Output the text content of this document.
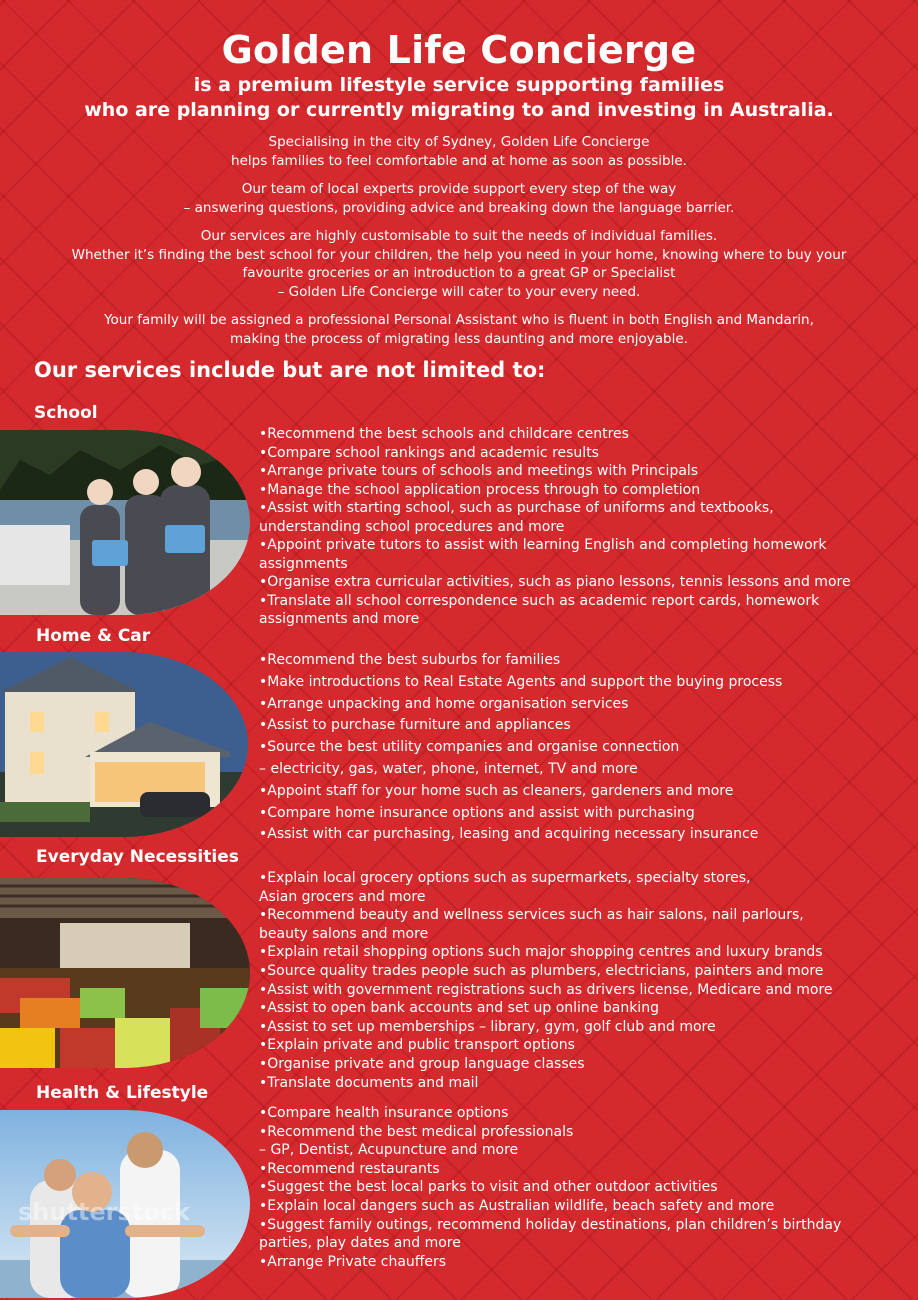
Golden Life Concierge
is a premium lifestyle service supporting families
who are planning or currently migrating to and investing in Australia.

Specialising in the city of Sydney, Golden Life Concierge
helps families to feel comfortable and at home as soon as possible.

Our team of local experts provide support every step of the way
– answering questions, providing advice and breaking down the language barrier.

Our services are highly customisable to suit the needs of individual families.
Whether it’s finding the best school for your children, the help you need in your home, knowing where to buy your
favourite groceries or an introduction to a great GP or Specialist
– Golden Life Concierge will cater to your every need.

Your family will be assigned a professional Personal Assistant who is fluent in both English and Mandarin,
making the process of migrating less daunting and more enjoyable.

Our services include but are not limited to:
School
•Recommend the best schools and childcare centres
•Compare school rankings and academic results
•Arrange private tours of schools and meetings with Principals
•Manage the school application process through to completion
•Assist with starting school, such as purchase of uniforms and textbooks,
understanding school procedures and more
•Appoint private tutors to assist with learning English and completing homework
assignments
•Organise extra curricular activities, such as piano lessons, tennis lessons and more
•Translate all school correspondence such as academic report cards, homework
assignments and more
Home & Car
•Recommend the best suburbs for families
•Make introductions to Real Estate Agents and support the buying process
•Arrange unpacking and home organisation services
•Assist to purchase furniture and appliances
•Source the best utility companies and organise connection
– electricity, gas, water, phone, internet, TV and more
•Appoint staff for your home such as cleaners, gardeners and more
•Compare home insurance options and assist with purchasing
•Assist with car purchasing, leasing and acquiring necessary insurance
Everyday Necessities
•Explain local grocery options such as supermarkets, specialty stores,
Asian grocers and more
•Recommend beauty and wellness services such as hair salons, nail parlours,
beauty salons and more
•Explain retail shopping options such major shopping centres and luxury brands
•Source quality trades people such as plumbers, electricians, painters and more
•Assist with government registrations such as drivers license, Medicare and more
•Assist to open bank accounts and set up online banking
•Assist to set up memberships – library, gym, golf club and more
•Explain private and public transport options
•Organise private and group language classes
•Translate documents and mail
Health & Lifestyle
shutterstock
•Compare health insurance options
•Recommend the best medical professionals
– GP, Dentist, Acupuncture and more
•Recommend restaurants
•Suggest the best local parks to visit and other outdoor activities
•Explain local dangers such as Australian wildlife, beach safety and more
•Suggest family outings, recommend holiday destinations, plan children’s birthday
parties, play dates and more
•Arrange Private chauffers
